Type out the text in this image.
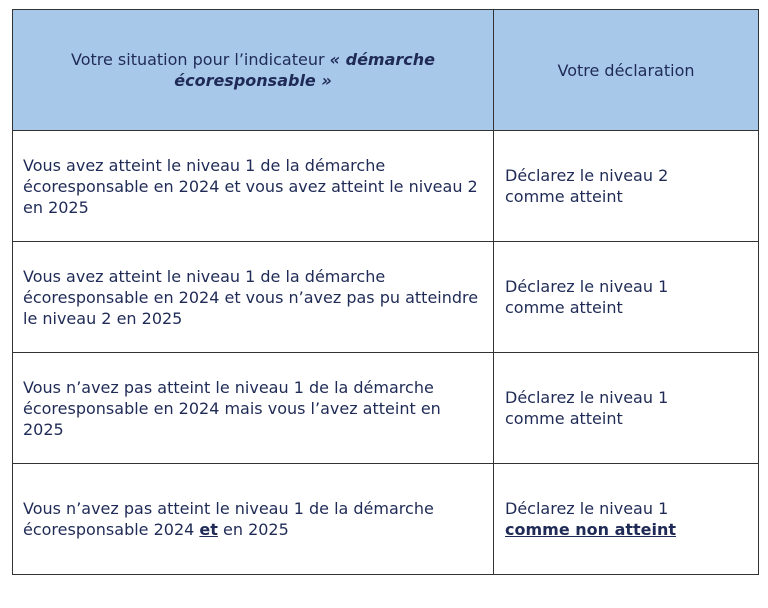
Votre situation pour l’indicateur « démarche écoresponsable »	Votre déclaration
Vous avez atteint le niveau 1 de la démarche écoresponsable en 2024 et vous avez atteint le niveau 2 en 2025	Déclarez le niveau 2
comme atteint
Vous avez atteint le niveau 1 de la démarche écoresponsable en 2024 et vous n’avez pas pu atteindre le niveau 2 en 2025	Déclarez le niveau 1
comme atteint
Vous n’avez pas atteint le niveau 1 de la démarche écoresponsable en 2024 mais vous l’avez atteint en 2025	Déclarez le niveau 1
comme atteint
Vous n’avez pas atteint le niveau 1 de la démarche écoresponsable 2024 et en 2025	Déclarez le niveau 1
comme non atteint
